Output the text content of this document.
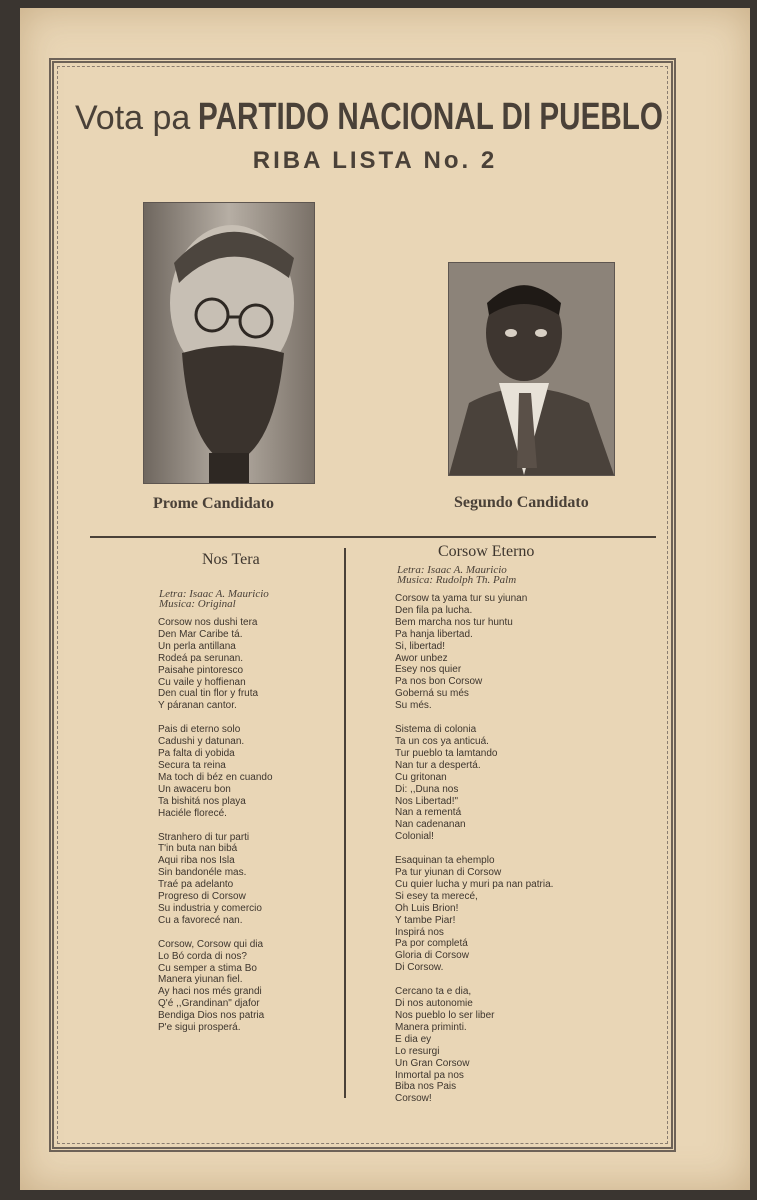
Vota pa PARTIDO NACIONAL DI PUEBLO
RIBA LISTA No. 2
Prome Candidato	Segundo Candidato
Nos Tera
Letra: Isaac A. Mauricio
Musica: Original
Corsow nos dushi tera
Den Mar Caribe tá.
Un perla antillana
Rodeá pa serunan.
Paisahe pintoresco
Cu vaile y hoffienan
Den cual tin flor y fruta
Y páranan cantor.
Pais di eterno solo
Cadushi y datunan.
Pa falta di yobida
Secura ta reina
Ma toch di béz en cuando
Un awaceru bon
Ta bishitá nos playa
Haciéle florecé.
Stranhero di tur parti
T'in buta nan bibá
Aqui riba nos Isla
Sin bandonéle mas.
Traé pa adelanto
Progreso di Corsow
Su industria y comercio
Cu a favorecé nan.
Corsow, Corsow qui dia
Lo Bó corda di nos?
Cu semper a stima Bo
Manera yiunan fiel.
Ay haci nos més grandi
Q'é ,,Grandinan" djafor
Bendiga Dios nos patria
P'e sigui prosperá.
Corsow Eterno
Letra: Isaac A. Mauricio
Musica: Rudolph Th. Palm
Corsow ta yama tur su yiunan
Den fila pa lucha.
Bem marcha nos tur huntu
Pa hanja libertad.
Si, libertad!
Awor unbez
Esey nos quier
Pa nos bon Corsow
Goberná su més
Su més.
Sistema di colonia
Ta un cos ya anticuá.
Tur pueblo ta lamtando
Nan tur a despertá.
Cu gritonan
Di: ,,Duna nos
Nos Libertad!"
Nan a rementá
Nan cadenanan
Colonial!
Esaquinan ta ehemplo
Pa tur yiunan di Corsow
Cu quier lucha y muri pa nan patria.
Si esey ta merecé,
Oh Luis Brion!
Y tambe Piar!
Inspirá nos
Pa por completá
Gloria di Corsow
Di Corsow.
Cercano ta e dia,
Di nos autonomie
Nos pueblo lo ser liber
Manera priminti.
E dia ey
Lo resurgi
Un Gran Corsow
Inmortal pa nos
Biba nos Pais
Corsow!
